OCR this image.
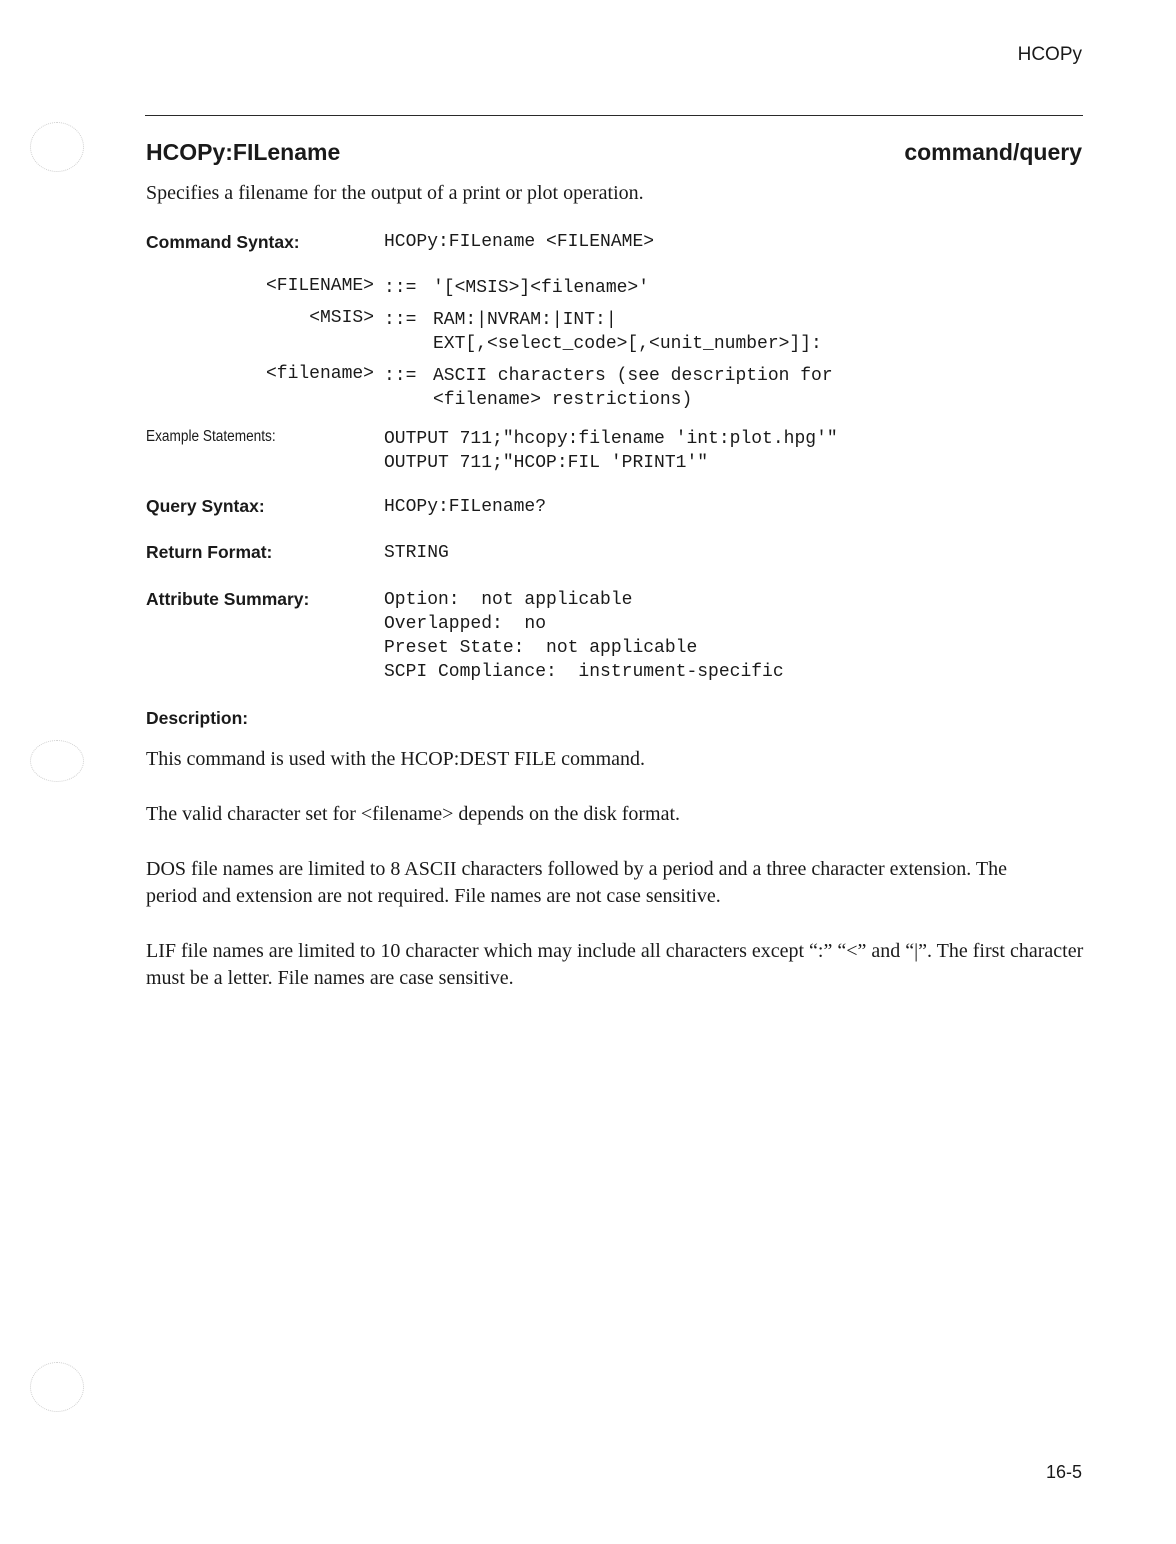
HCOPy
HCOPy:FILename	command/query
Specifies a filename for the output of a print or plot operation.
Command Syntax:	HCOPy:FILename <FILENAME>
<FILENAME> ::= '[<MSIS>]<filename>'
<MSIS> ::= RAM:|NVRAM:|INT:|
EXT[,<select_code>[,<unit_number>]]:
<filename> ::= ASCII characters (see description for
<filename> restrictions)
Example Statements:	OUTPUT 711;"hcopy:filename 'int:plot.hpg'"
OUTPUT 711;"HCOP:FIL 'PRINT1'"
Query Syntax:	HCOPy:FILename?
Return Format:	STRING
Attribute Summary:	Option:  not applicable
Overlapped:  no
Preset State:  not applicable
SCPI Compliance:  instrument-specific
Description:
This command is used with the HCOP:DEST FILE command.
The valid character set for <filename> depends on the disk format.
DOS file names are limited to 8 ASCII characters followed by a period and a three character extension. The period and extension are not required. File names are not case sensitive.
LIF file names are limited to 10 character which may include all characters except “:” “<” and “|”. The first character must be a letter. File names are case sensitive.
16-5
